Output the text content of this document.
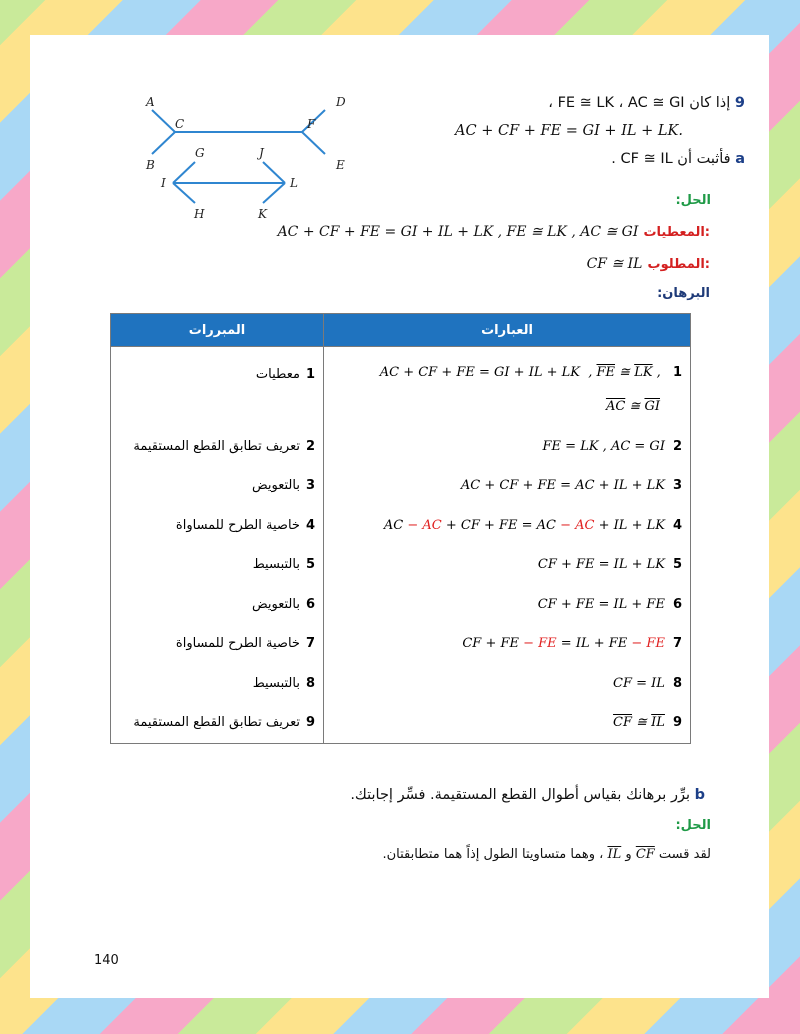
A
C
B
D
F
E
G
I
H
J
L
K
9 إذا كان FE ≅ LK ، AC ≅ GI ،
AC + CF + FE = GI + IL + LK.
a فأثبت أن CF ≅ IL .
الحل:
AC + CF + FE = GI + IL + LK , FE ≅ LK , AC ≅ GI المعطيات:
CF ≅ IL المطلوب:
البرهان:
b برِّر برهانك بقياس أطوال القطع المستقيمة. فسِّر إجابتك.
الحل:
لقد قست CF و IL ، وهما متساويتا الطول إذاً هما متطابقتان.
140
المبررات	العبارات
1معطيات	AC + CF + FE = GI + IL + LK  , $\overline{FE}$ ≅ $\overline{LK}$ , 1
$\overline{AC}$ ≅ $\overline{GI}$

2تعريف تطابق القطع المستقيمة	FE = LK , AC = GI 2
3بالتعويض	AC + CF + FE = AC + IL + LK 3
4خاصية الطرح للمساواة	AC − AC + CF + FE = AC − AC + IL + LK 4
5بالتبسيط	CF + FE = IL + LK 5
6بالتعويض	CF + FE = IL + FE 6
7خاصية الطرح للمساواة	CF + FE − FE = IL + FE − FE 7
8بالتبسيط	CF = IL 8
9تعريف تطابق القطع المستقيمة	$\overline{CF}$ ≅ $\overline{IL}$ 9
